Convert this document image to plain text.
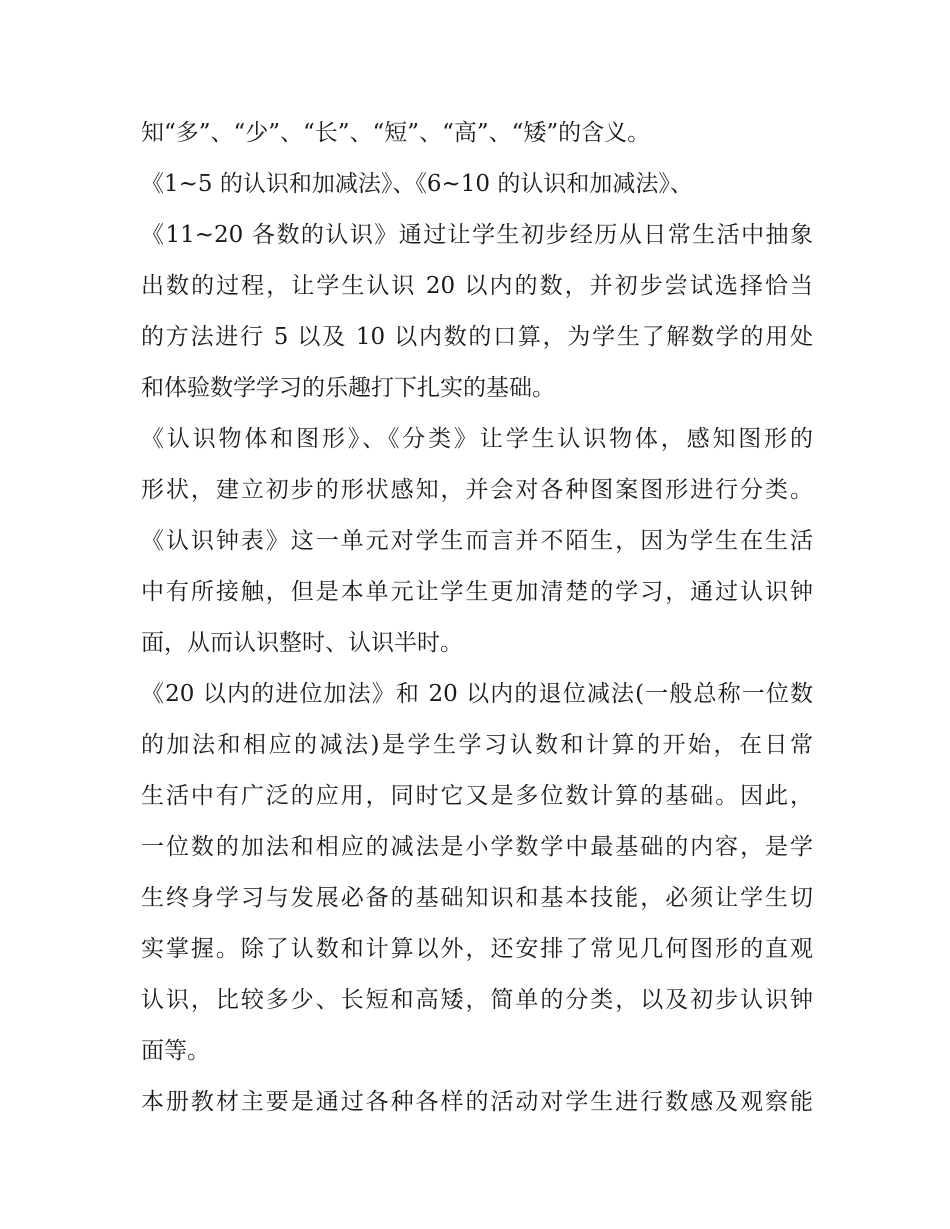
知“多”、“少”、“长”、“短”、“高”、“矮”的含义。
《1~5 的认识和加减法》、《6~10 的认识和加减法》、
《11~20 各数的认识》通过让学生初步经历从日常生活中抽象
出数的过程，让学生认识 20 以内的数，并初步尝试选择恰当
的方法进行 5 以及 10 以内数的口算，为学生了解数学的用处
和体验数学学习的乐趣打下扎实的基础。
《认识物体和图形》、《分类》让学生认识物体，感知图形的
形状，建立初步的形状感知，并会对各种图案图形进行分类。
《认识钟表》这一单元对学生而言并不陌生，因为学生在生活
中有所接触，但是本单元让学生更加清楚的学习，通过认识钟
面，从而认识整时、认识半时。
《20 以内的进位加法》和 20 以内的退位减法(一般总称一位数
的加法和相应的减法)是学生学习认数和计算的开始，在日常
生活中有广泛的应用，同时它又是多位数计算的基础。因此，
一位数的加法和相应的减法是小学数学中最基础的内容，是学
生终身学习与发展必备的基础知识和基本技能，必须让学生切
实掌握。除了认数和计算以外，还安排了常见几何图形的直观
认识，比较多少、长短和高矮，简单的分类，以及初步认识钟
面等。
本册教材主要是通过各种各样的活动对学生进行数感及观察能
